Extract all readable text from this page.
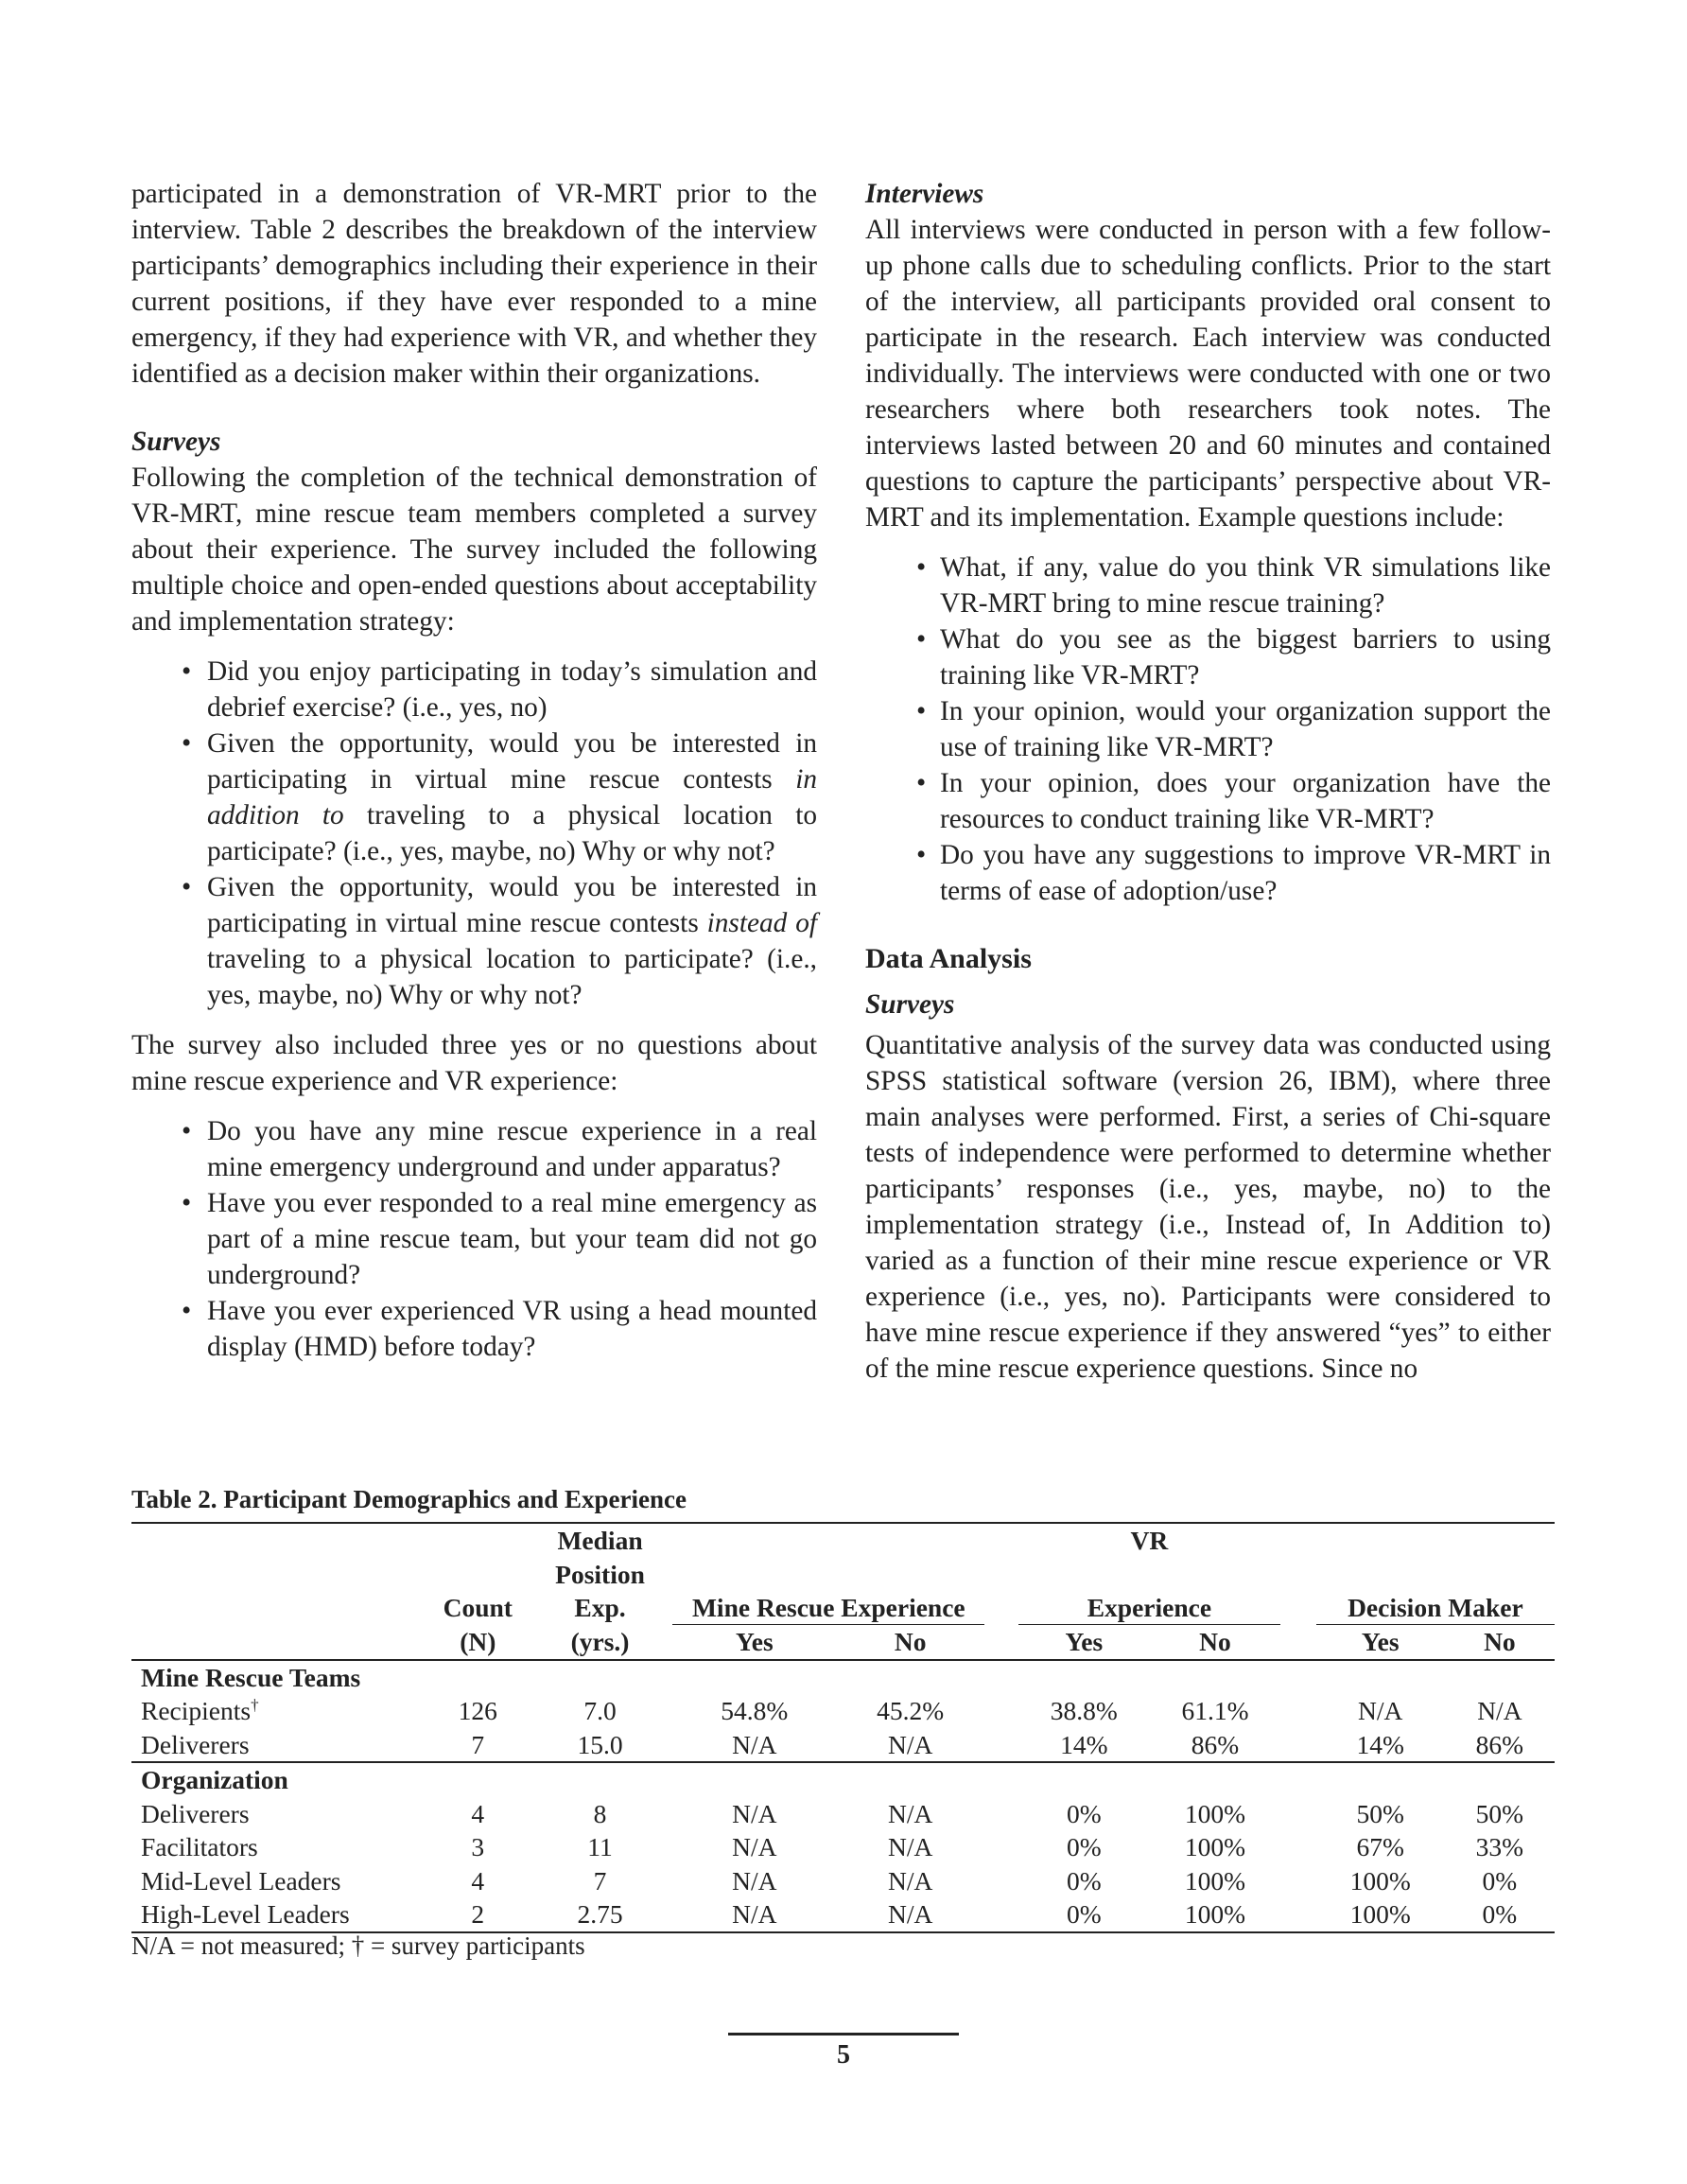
participated in a demonstration of VR-MRT prior to the interview. Table 2 describes the breakdown of the interview participants’ demographics including their experience in their current positions, if they have ever responded to a mine emergency, if they had experience with VR, and whether they identified as a decision maker within their organizations.

Surveys

Following the completion of the technical demonstration of VR-MRT, mine rescue team members completed a survey about their experience. The survey included the following multiple choice and open-ended questions about acceptability and implementation strategy:

• Did you enjoy participating in today’s simulation and debrief exercise? (i.e., yes, no)
• Given the opportunity, would you be interested in participating in virtual mine rescue contests in addition to traveling to a physical location to participate? (i.e., yes, maybe, no) Why or why not?
• Given the opportunity, would you be interested in participating in virtual mine rescue contests instead of traveling to a physical location to participate? (i.e., yes, maybe, no) Why or why not?

The survey also included three yes or no questions about mine rescue experience and VR experience:

• Do you have any mine rescue experience in a real mine emergency underground and under apparatus?
• Have you ever responded to a real mine emergency as part of a mine rescue team, but your team did not go underground?
• Have you ever experienced VR using a head mounted display (HMD) before today?
Interviews

All interviews were conducted in person with a few follow-up phone calls due to scheduling conflicts. Prior to the start of the interview, all participants provided oral consent to participate in the research. Each interview was conducted individually. The interviews were conducted with one or two researchers where both researchers took notes. The interviews lasted between 20 and 60 minutes and contained questions to capture the participants’ perspective about VR-MRT and its implementation. Example questions include:

• What, if any, value do you think VR simulations like VR-MRT bring to mine rescue training?
• What do you see as the biggest barriers to using training like VR-MRT?
• In your opinion, would your organization support the use of training like VR-MRT?
• In your opinion, does your organization have the resources to conduct training like VR-MRT?
• Do you have any suggestions to improve VR-MRT in terms of ease of adoption/use?
Data Analysis
Surveys

Quantitative analysis of the survey data was conducted using SPSS statistical software (version 26, IBM), where three main analyses were performed. First, a series of Chi-square tests of independence were performed to determine whether participants’ responses (i.e., yes, maybe, no) to the implementation strategy (i.e., Instead of, In Addition to) varied as a function of their mine rescue experience or VR experience (i.e., yes, no). Participants were considered to have mine rescue experience if they answered “yes” to either of the mine rescue experience questions. Since no

Table 2. Participant Demographics and Experience
		Median				VR				
	Count	Position Exp.	Mine Rescue Experience			Experience			Decision Maker	
	(N)	(yrs.)	Yes	No		Yes	No		Yes	No
Mine Rescue Teams										
Recipients†	126	7.0	54.8%	45.2%		38.8%	61.1%		N/A	N/A
Deliverers	7	15.0	N/A	N/A		14%	86%		14%	86%
Organization										
Deliverers	4	8	N/A	N/A		0%	100%		50%	50%
Facilitators	3	11	N/A	N/A		0%	100%		67%	33%
Mid-Level Leaders	4	7	N/A	N/A		0%	100%		100%	0%
High-Level Leaders	2	2.75	N/A	N/A		0%	100%		100%	0%
N/A = not measured; † = survey participants
5
